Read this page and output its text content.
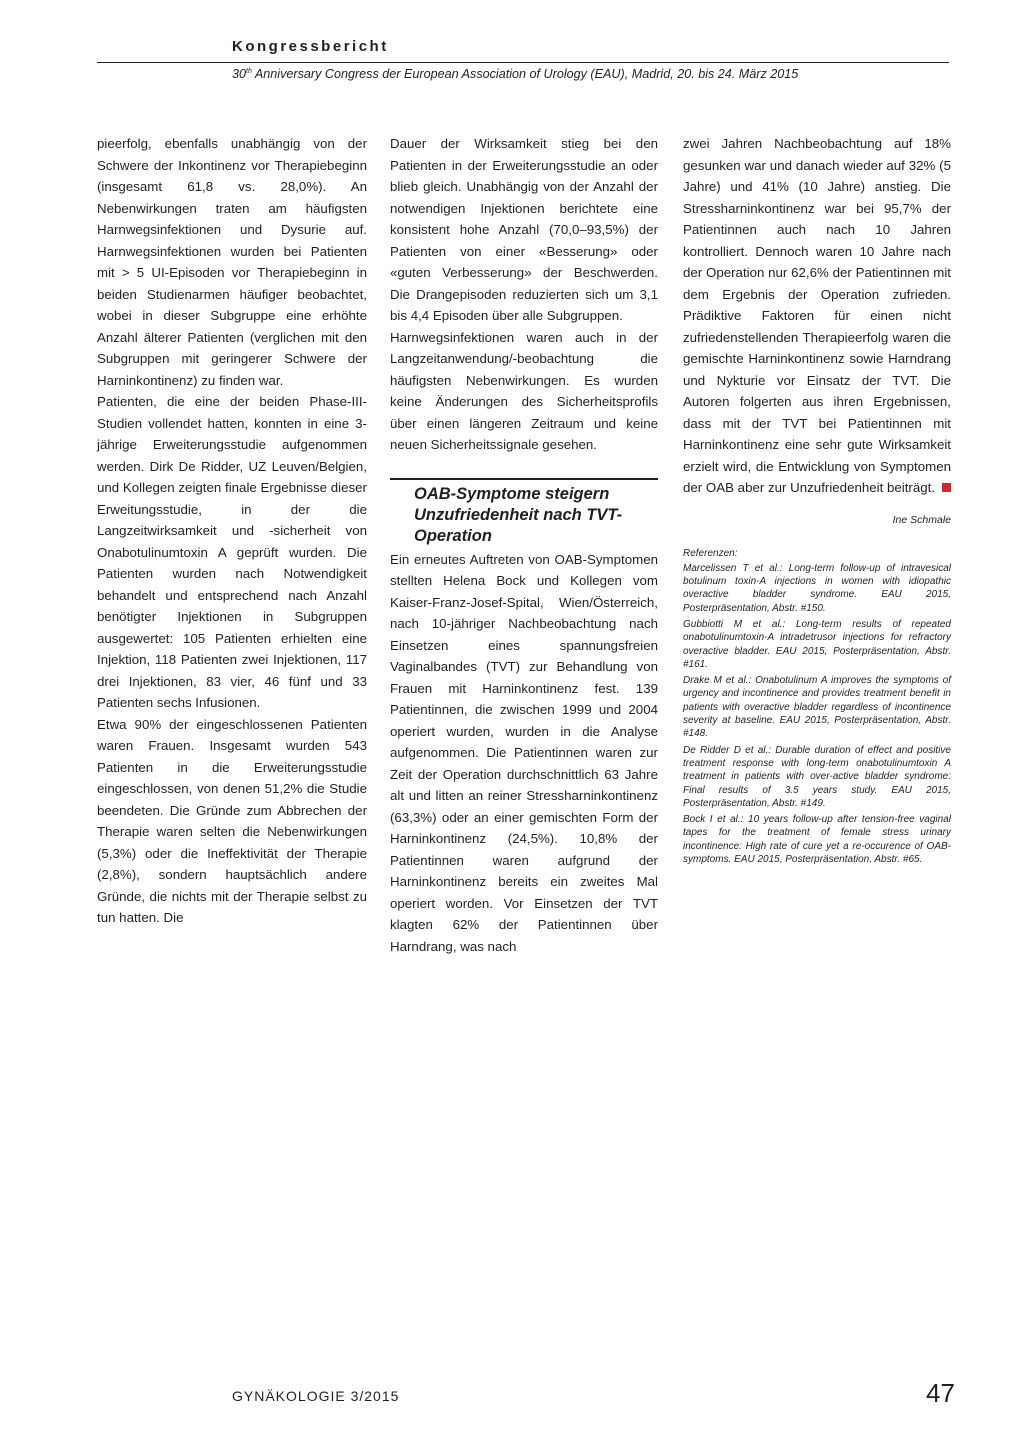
Kongressbericht
30th Anniversary Congress der European Association of Urology (EAU), Madrid, 20. bis 24. März 2015

pieerfolg, ebenfalls unabhängig von der Schwere der Inkontinenz vor Therapiebeginn (insgesamt 61,8 vs. 28,0%). An Nebenwirkungen traten am häufigsten Harnwegsinfektionen und Dysurie auf. Harnwegsinfektionen wurden bei Patienten mit > 5 UI-Episoden vor Therapiebeginn in beiden Studienarmen häufiger beobachtet, wobei in dieser Subgruppe eine erhöhte Anzahl älterer Patienten (verglichen mit den Subgruppen mit geringerer Schwere der Harninkontinenz) zu finden war.

Patienten, die eine der beiden Phase-III-Studien vollendet hatten, konnten in eine 3-jährige Erweiterungsstudie aufgenommen werden. Dirk De Ridder, UZ Leuven/Belgien, und Kollegen zeigten finale Ergebnisse dieser Erweitungsstudie, in der die Langzeitwirksamkeit und -sicherheit von Onabotulinumtoxin A geprüft wurden. Die Patienten wurden nach Notwendigkeit behandelt und entsprechend nach Anzahl benötigter Injektionen in Subgruppen ausgewertet: 105 Patienten erhielten eine Injektion, 118 Patienten zwei Injektionen, 117 drei Injektionen, 83 vier, 46 fünf und 33 Patienten sechs Infusionen.

Etwa 90% der eingeschlossenen Patienten waren Frauen. Insgesamt wurden 543 Patienten in die Erweiterungsstudie eingeschlossen, von denen 51,2% die Studie beendeten. Die Gründe zum Abbrechen der Therapie waren selten die Nebenwirkungen (5,3%) oder die Ineffektivität der Therapie (2,8%), sondern hauptsächlich andere Gründe, die nichts mit der Therapie selbst zu tun hatten. Die

Dauer der Wirksamkeit stieg bei den Patienten in der Erweiterungsstudie an oder blieb gleich. Unabhängig von der Anzahl der notwendigen Injektionen berichtete eine konsistent hohe Anzahl (70,0–93,5%) der Patienten von einer «Besserung» oder «guten Verbesserung» der Beschwerden. Die Drangepisoden reduzierten sich um 3,1 bis 4,4 Episoden über alle Subgruppen.

Harnwegsinfektionen waren auch in der Langzeitanwendung/-beobachtung die häufigsten Nebenwirkungen. Es wurden keine Änderungen des Sicherheitsprofils über einen längeren Zeitraum und keine neuen Sicherheitssignale gesehen.

OAB-Symptome steigern Unzufriedenheit nach TVT-Operation

Ein erneutes Auftreten von OAB-Symptomen stellten Helena Bock und Kollegen vom Kaiser-Franz-Josef-Spital, Wien/Österreich, nach 10-jähriger Nachbeobachtung nach Einsetzen eines spannungsfreien Vaginalbandes (TVT) zur Behandlung von Frauen mit Harninkontinenz fest. 139 Patientinnen, die zwischen 1999 und 2004 operiert wurden, wurden in die Analyse aufgenommen. Die Patientinnen waren zur Zeit der Operation durchschnittlich 63 Jahre alt und litten an reiner Stressharninkontinenz (63,3%) oder an einer gemischten Form der Harninkontinenz (24,5%). 10,8% der Patientinnen waren aufgrund der Harninkontinenz bereits ein zweites Mal operiert worden. Vor Einsetzen der TVT klagten 62% der Patientinnen über Harndrang, was nach

zwei Jahren Nachbeobachtung auf 18% gesunken war und danach wieder auf 32% (5 Jahre) und 41% (10 Jahre) anstieg. Die Stressharninkontinenz war bei 95,7% der Patientinnen auch nach 10 Jahren kontrolliert. Dennoch waren 10 Jahre nach der Operation nur 62,6% der Patientinnen mit dem Ergebnis der Operation zufrieden. Prädiktive Faktoren für einen nicht zufriedenstellenden Therapieerfolg waren die gemischte Harninkontinenz sowie Harndrang und Nykturie vor Einsatz der TVT. Die Autoren folgerten aus ihren Ergebnissen, dass mit der TVT bei Patientinnen mit Harninkontinenz eine sehr gute Wirksamkeit erzielt wird, die Entwicklung von Symptomen der OAB aber zur Unzufriedenheit beiträgt.

Ine Schmale
Referenzen:
Marcelissen T et al.: Long-term follow-up of intravesical botulinum toxin-A injections in women with idiopathic overactive bladder syndrome. EAU 2015, Posterpräsentation, Abstr. #150.
Gubbiotti M et al.: Long-term results of repeated onabotulinumtoxin-A intradetrusor injections for refractory overactive bladder. EAU 2015, Posterpräsentation, Abstr. #161.
Drake M et al.: Onabotulinum A improves the symptoms of urgency and incontinence and provides treatment benefit in patients with overactive bladder regardless of incontinence severity at baseline. EAU 2015, Posterpräsentation, Abstr. #148.
De Ridder D et al.: Durable duration of effect and positive treatment response with long-term onabotulinumtoxin A treatment in patients with over-active bladder syndrome: Final results of 3.5 years study. EAU 2015, Posterpräsentation, Abstr. #149.
Bock I et al.: 10 years follow-up after tension-free vaginal tapes for the treatment of female stress urinary incontinence: High rate of cure yet a re-occurence of OAB-symptoms. EAU 2015, Posterpräsentation, Abstr. #65.
GYNÄKOLOGIE 3/2015	47
